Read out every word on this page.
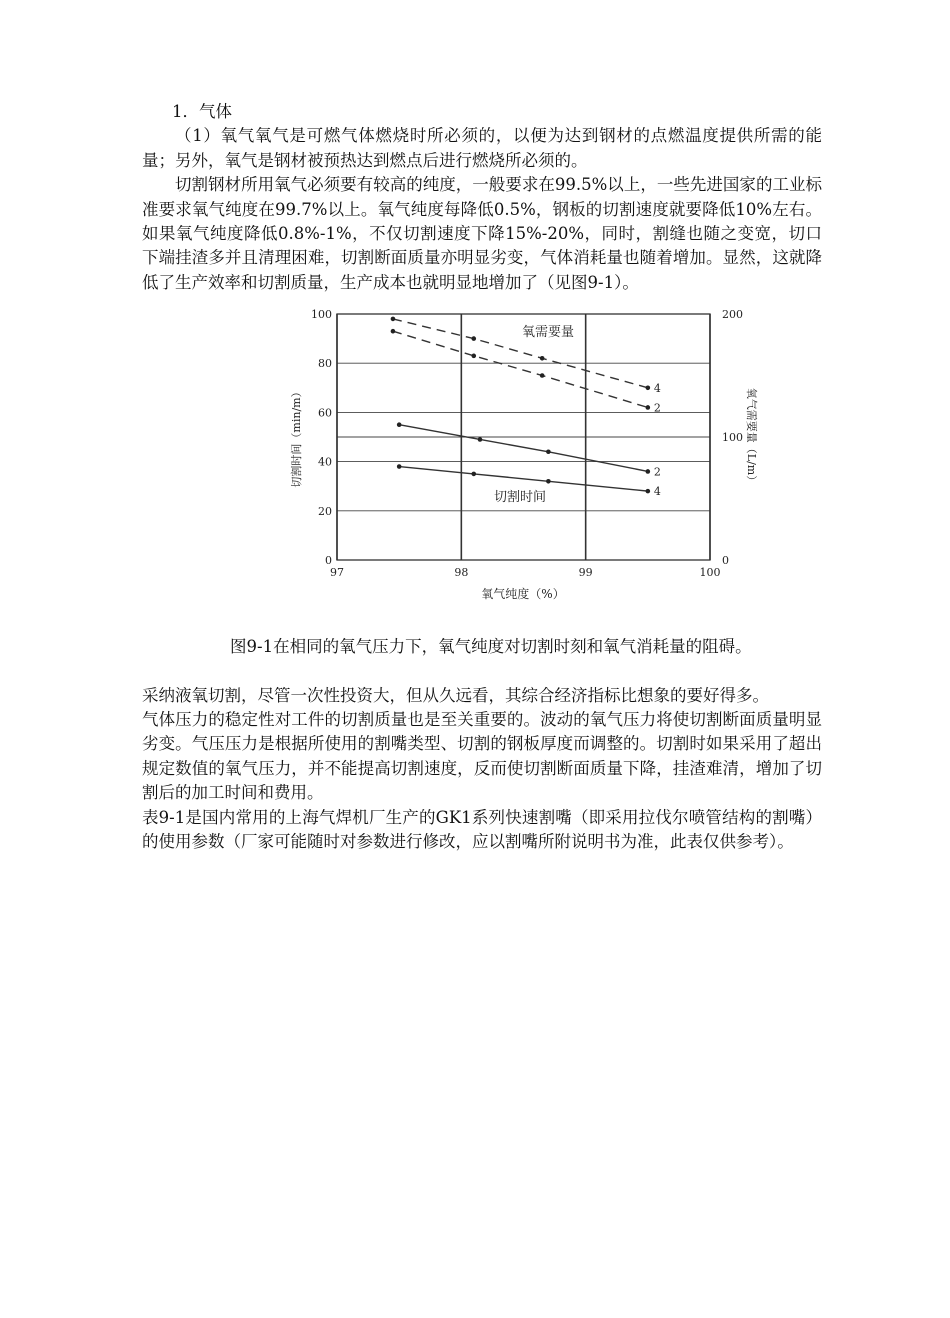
1．气体

（1）氧气氧气是可燃气体燃烧时所必须的，以便为达到钢材的点燃温度提供所需的能量；另外，氧气是钢材被预热达到燃点后进行燃烧所必须的。

切割钢材所用氧气必须要有较高的纯度，一般要求在99.5%以上，一些先进国家的工业标准要求氧气纯度在99.7%以上。氧气纯度每降低0.5%，钢板的切割速度就要降低10%左右。如果氧气纯度降低0.8%-1%，不仅切割速度下降15%-20%，同时，割缝也随之变宽，切口下端挂渣多并且清理困难，切割断面质量亦明显劣变，气体消耗量也随着增加。显然，这就降低了生产效率和切割质量，生产成本也就明显地增加了（见图9-1）。

97	98	99	100
0
20
40
60
80
100
0
100
200
4
2
2
4
氧需要量
切割时间
切割时间（min/m）	氧气需要量（L/m）
氧气纯度（%）

图9-1在相同的氧气压力下，氧气纯度对切割时刻和氧气消耗量的阻碍。

采纳液氧切割，尽管一次性投资大，但从久远看，其综合经济指标比想象的要好得多。

气体压力的稳定性对工件的切割质量也是至关重要的。波动的氧气压力将使切割断面质量明显劣变。气压压力是根据所使用的割嘴类型、切割的钢板厚度而调整的。切割时如果采用了超出规定数值的氧气压力，并不能提高切割速度，反而使切割断面质量下降，挂渣难清，增加了切割后的加工时间和费用。

表9-1是国内常用的上海气焊机厂生产的GK1系列快速割嘴（即采用拉伐尔喷管结构的割嘴）的使用参数（厂家可能随时对参数进行修改，应以割嘴所附说明书为准，此表仅供参考）。
